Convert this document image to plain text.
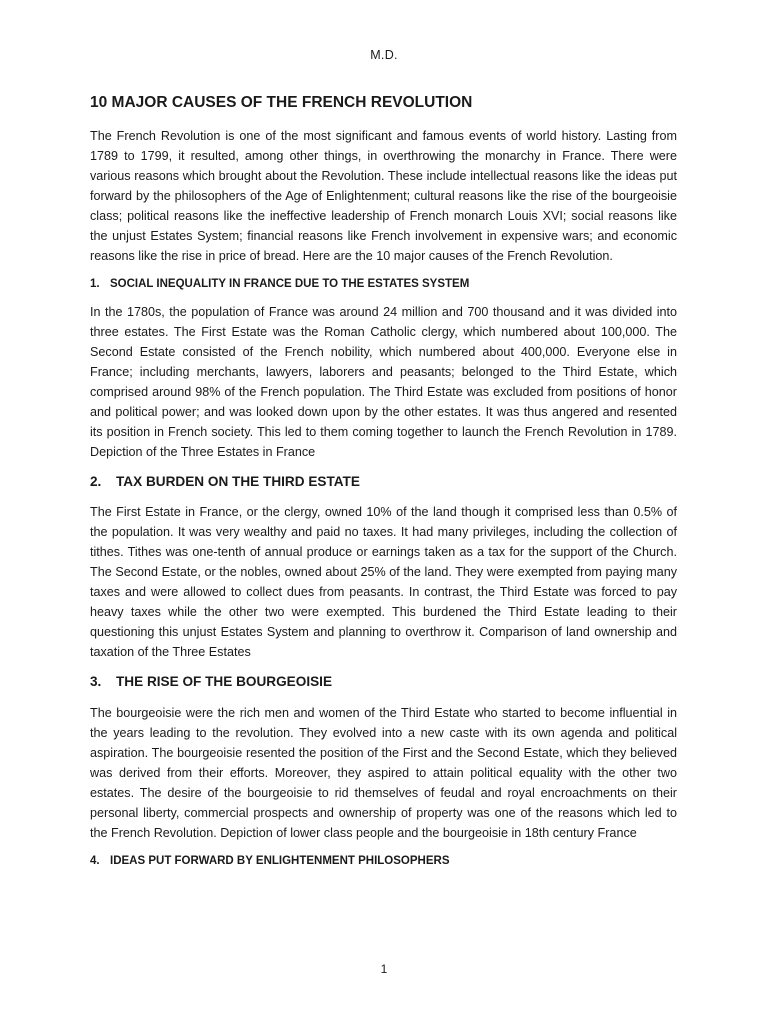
M.D.
10 MAJOR CAUSES OF THE FRENCH REVOLUTION

The French Revolution is one of the most significant and famous events of world history. Lasting from 1789 to 1799, it resulted, among other things, in overthrowing the monarchy in France. There were various reasons which brought about the Revolution. These include intellectual reasons like the ideas put forward by the philosophers of the Age of Enlightenment; cultural reasons like the rise of the bourgeoisie class; political reasons like the ineffective leadership of French monarch Louis XVI; social reasons like the unjust Estates System; financial reasons like French involvement in expensive wars; and economic reasons like the rise in price of bread. Here are the 10 major causes of the French Revolution.

1. SOCIAL INEQUALITY IN FRANCE DUE TO THE ESTATES SYSTEM

In the 1780s, the population of France was around 24 million and 700 thousand and it was divided into three estates. The First Estate was the Roman Catholic clergy, which numbered about 100,000. The Second Estate consisted of the French nobility, which numbered about 400,000. Everyone else in France; including merchants, lawyers, laborers and peasants; belonged to the Third Estate, which comprised around 98% of the French population. The Third Estate was excluded from positions of honor and political power; and was looked down upon by the other estates. It was thus angered and resented its position in French society. This led to them coming together to launch the French Revolution in 1789. Depiction of the Three Estates in France

2.	TAX BURDEN ON THE THIRD ESTATE

The First Estate in France, or the clergy, owned 10% of the land though it comprised less than 0.5% of the population. It was very wealthy and paid no taxes. It had many privileges, including the collection of tithes. Tithes was one-tenth of annual produce or earnings taken as a tax for the support of the Church. The Second Estate, or the nobles, owned about 25% of the land. They were exempted from paying many taxes and were allowed to collect dues from peasants. In contrast, the Third Estate was forced to pay heavy taxes while the other two were exempted. This burdened the Third Estate leading to their questioning this unjust Estates System and planning to overthrow it. Comparison of land ownership and taxation of the Three Estates

3.	THE RISE OF THE BOURGEOISIE

The bourgeoisie were the rich men and women of the Third Estate who started to become influential in the years leading to the revolution. They evolved into a new caste with its own agenda and political aspiration. The bourgeoisie resented the position of the First and the Second Estate, which they believed was derived from their efforts. Moreover, they aspired to attain political equality with the other two estates. The desire of the bourgeoisie to rid themselves of feudal and royal encroachments on their personal liberty, commercial prospects and ownership of property was one of the reasons which led to the French Revolution. Depiction of lower class people and the bourgeoisie in 18th century France

4. IDEAS PUT FORWARD BY ENLIGHTENMENT PHILOSOPHERS
1
